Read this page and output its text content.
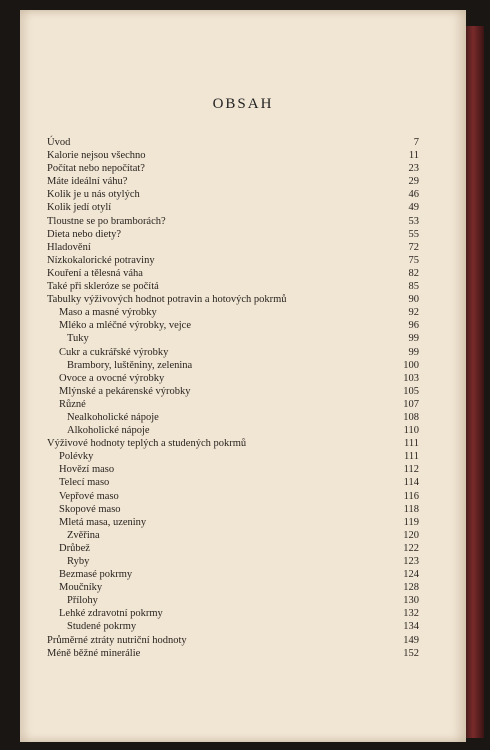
OBSAH
Úvod	7
Kalorie nejsou všechno	11
Počítat nebo nepočítat?	23
Máte ideální váhu?	29
Kolik je u nás otylých	46
Kolik jedí otylí	49
Tloustne se po bramborách?	53
Dieta nebo diety?	55
Hladovění	72
Nízkokalorické potraviny	75
Kouření a tělesná váha	82
Také při skleróze se počítá	85
Tabulky výživových hodnot potravin a hotových pokrmů	90
Maso a masné výrobky	92
Mléko a mléčné výrobky, vejce	96
Tuky	99
Cukr a cukrářské výrobky	99
Brambory, luštěniny, zelenina	100
Ovoce a ovocné výrobky	103
Mlýnské a pekárenské výrobky	105
Různé	107
Nealkoholické nápoje	108
Alkoholické nápoje	110
Výživové hodnoty teplých a studených pokrmů	111
Polévky	111
Hovězí maso	112
Telecí maso	114
Vepřové maso	116
Skopové maso	118
Mletá masa, uzeniny	119
Zvěřina	120
Drůbež	122
Ryby	123
Bezmasé pokrmy	124
Moučníky	128
Přílohy	130
Lehké zdravotní pokrmy	132
Studené pokrmy	134
Průměrné ztráty nutriční hodnoty	149
Méně běžné minerálie	152
